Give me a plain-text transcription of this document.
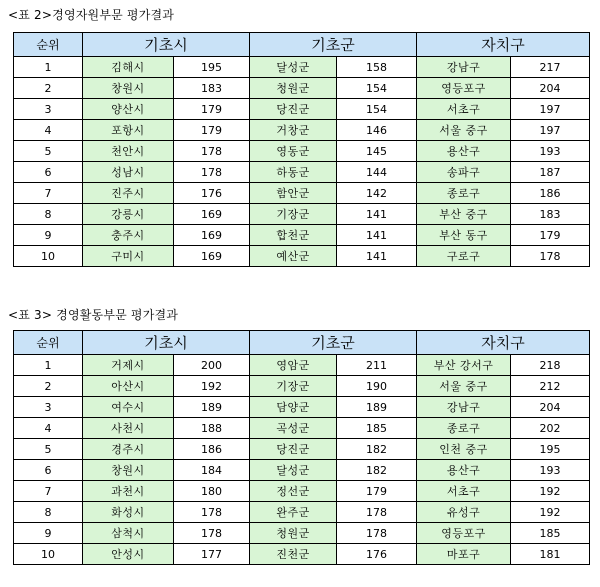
<표 2>경영자원부문 평가결과
순위	기초시		기초군		자치구	
1	김해시	195	달성군	158	강남구	217
2	창원시	183	청원군	154	영등포구	204
3	양산시	179	당진군	154	서초구	197
4	포항시	179	거창군	146	서울 중구	197
5	천안시	178	영동군	145	용산구	193
6	성남시	178	하동군	144	송파구	187
7	진주시	176	함안군	142	종로구	186
8	강릉시	169	기장군	141	부산 중구	183
9	충주시	169	합천군	141	부산 동구	179
10	구미시	169	예산군	141	구로구	178
<표 3> 경영활동부문 평가결과
순위	기초시		기초군		자치구	
1	거제시	200	영암군	211	부산 강서구	218
2	아산시	192	기장군	190	서울 중구	212
3	여수시	189	담양군	189	강남구	204
4	사천시	188	곡성군	185	종로구	202
5	경주시	186	당진군	182	인천 중구	195
6	창원시	184	달성군	182	용산구	193
7	과천시	180	정선군	179	서초구	192
8	화성시	178	완주군	178	유성구	192
9	삼척시	178	청원군	178	영등포구	185
10	안성시	177	진천군	176	마포구	181
